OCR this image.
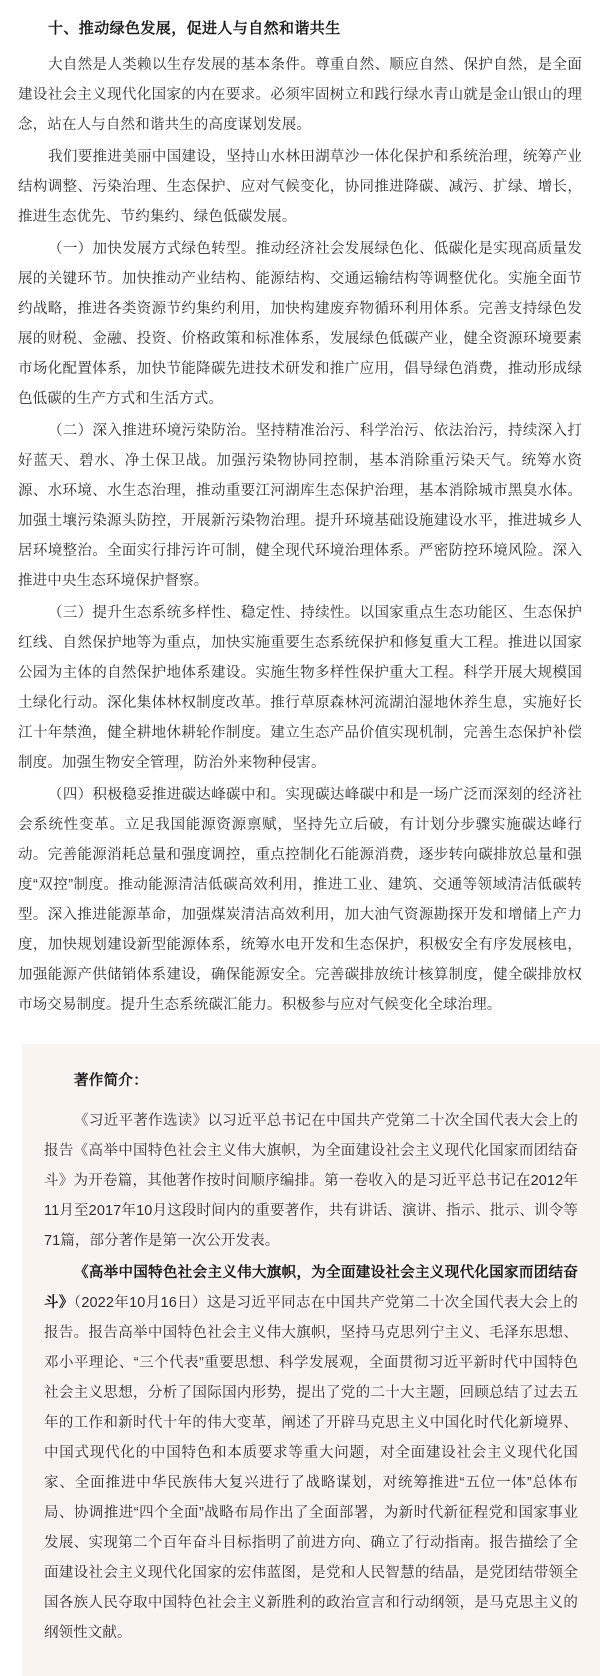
十、推动绿色发展，促进人与自然和谐共生

大自然是人类赖以生存发展的基本条件。尊重自然、顺应自然、保护自然，是全面建设社会主义现代化国家的内在要求。必须牢固树立和践行绿水青山就是金山银山的理念，站在人与自然和谐共生的高度谋划发展。

我们要推进美丽中国建设，坚持山水林田湖草沙一体化保护和系统治理，统筹产业结构调整、污染治理、生态保护、应对气候变化，协同推进降碳、减污、扩绿、增长，推进生态优先、节约集约、绿色低碳发展。

（一）加快发展方式绿色转型。推动经济社会发展绿色化、低碳化是实现高质量发展的关键环节。加快推动产业结构、能源结构、交通运输结构等调整优化。实施全面节约战略，推进各类资源节约集约利用，加快构建废弃物循环利用体系。完善支持绿色发展的财税、金融、投资、价格政策和标准体系，发展绿色低碳产业，健全资源环境要素市场化配置体系，加快节能降碳先进技术研发和推广应用，倡导绿色消费，推动形成绿色低碳的生产方式和生活方式。

（二）深入推进环境污染防治。坚持精准治污、科学治污、依法治污，持续深入打好蓝天、碧水、净土保卫战。加强污染物协同控制，基本消除重污染天气。统筹水资源、水环境、水生态治理，推动重要江河湖库生态保护治理，基本消除城市黑臭水体。加强土壤污染源头防控，开展新污染物治理。提升环境基础设施建设水平，推进城乡人居环境整治。全面实行排污许可制，健全现代环境治理体系。严密防控环境风险。深入推进中央生态环境保护督察。

（三）提升生态系统多样性、稳定性、持续性。以国家重点生态功能区、生态保护红线、自然保护地等为重点，加快实施重要生态系统保护和修复重大工程。推进以国家公园为主体的自然保护地体系建设。实施生物多样性保护重大工程。科学开展大规模国土绿化行动。深化集体林权制度改革。推行草原森林河流湖泊湿地休养生息，实施好长江十年禁渔，健全耕地休耕轮作制度。建立生态产品价值实现机制，完善生态保护补偿制度。加强生物安全管理，防治外来物种侵害。

（四）积极稳妥推进碳达峰碳中和。实现碳达峰碳中和是一场广泛而深刻的经济社会系统性变革。立足我国能源资源禀赋，坚持先立后破，有计划分步骤实施碳达峰行动。完善能源消耗总量和强度调控，重点控制化石能源消费，逐步转向碳排放总量和强度“双控”制度。推动能源清洁低碳高效利用，推进工业、建筑、交通等领域清洁低碳转型。深入推进能源革命，加强煤炭清洁高效利用，加大油气资源勘探开发和增储上产力度，加快规划建设新型能源体系，统筹水电开发和生态保护，积极安全有序发展核电，加强能源产供储销体系建设，确保能源安全。完善碳排放统计核算制度，健全碳排放权市场交易制度。提升生态系统碳汇能力。积极参与应对气候变化全球治理。

著作简介：

《习近平著作选读》以习近平总书记在中国共产党第二十次全国代表大会上的报告《高举中国特色社会主义伟大旗帜，为全面建设社会主义现代化国家而团结奋斗》为开卷篇，其他著作按时间顺序编排。第一卷收入的是习近平总书记在2012年11月至2017年10月这段时间内的重要著作，共有讲话、演讲、指示、批示、训令等71篇，部分著作是第一次公开发表。

《高举中国特色社会主义伟大旗帜，为全面建设社会主义现代化国家而团结奋斗》（2022年10月16日）这是习近平同志在中国共产党第二十次全国代表大会上的报告。报告高举中国特色社会主义伟大旗帜，坚持马克思列宁主义、毛泽东思想、邓小平理论、“三个代表”重要思想、科学发展观，全面贯彻习近平新时代中国特色社会主义思想，分析了国际国内形势，提出了党的二十大主题，回顾总结了过去五年的工作和新时代十年的伟大变革，阐述了开辟马克思主义中国化时代化新境界、中国式现代化的中国特色和本质要求等重大问题，对全面建设社会主义现代化国家、全面推进中华民族伟大复兴进行了战略谋划，对统筹推进“五位一体”总体布局、协调推进“四个全面”战略布局作出了全面部署，为新时代新征程党和国家事业发展、实现第二个百年奋斗目标指明了前进方向、确立了行动指南。报告描绘了全面建设社会主义现代化国家的宏伟蓝图，是党和人民智慧的结晶，是党团结带领全国各族人民夺取中国特色社会主义新胜利的政治宣言和行动纲领，是马克思主义的纲领性文献。
